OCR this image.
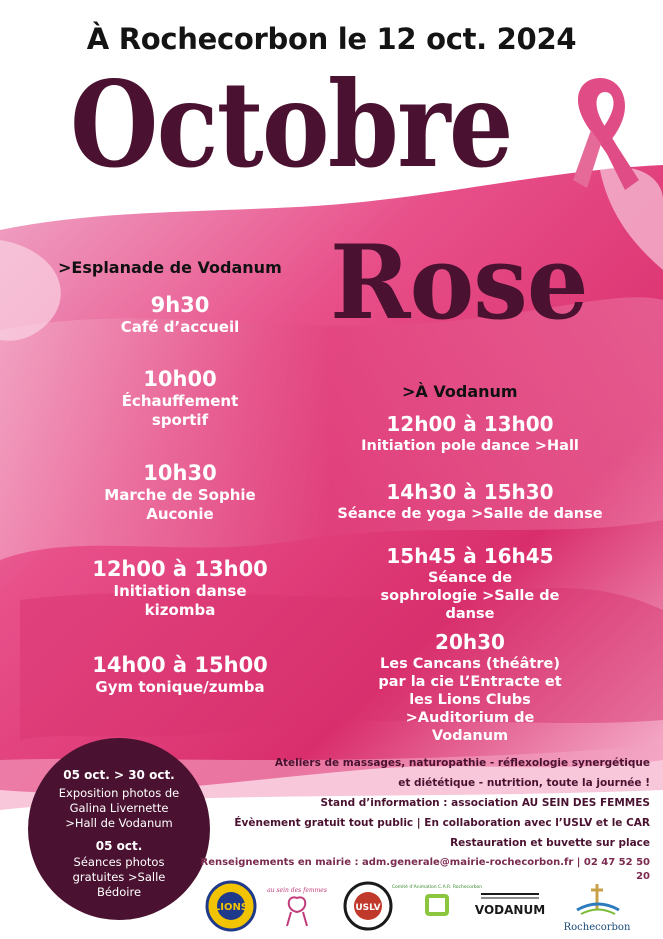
À Rochecorbon le 12 oct. 2024
Octobre
Rose
>Esplanade de Vodanum
9h30
Café d’accueil
10h00
Échauffement sportif
10h30
Marche de Sophie Auconie
12h00 à 13h00
Initiation danse kizomba
14h00 à 15h00
Gym tonique/zumba
>À Vodanum
12h00 à 13h00
Initiation pole dance >Hall
14h30 à 15h30
Séance de yoga >Salle de danse
15h45 à 16h45
Séance de sophrologie >Salle de danse
20h30
Les Cancans (théâtre) par la cie L’Entracte et les Lions Clubs >Auditorium de Vodanum
05 oct. > 30 oct.
Exposition photos de Galina Livernette >Hall de Vodanum
05 oct.
Séances photos gratuites >Salle Bédoire
Ateliers de massages, naturopathie - réflexologie synergétique
et diététique - nutrition, toute la journée !
Stand d’information : association AU SEIN DES FEMMES
Évènement gratuit tout public | En collaboration avec l’USLV et le CAR
Restauration et buvette sur place
Renseignements en mairie : adm.generale@mairie-rochecorbon.fr | 02 47 52 50 20
LIONS
au sein des femmes
USLV
Comité d’Animation C.A.R. Rochecorbon
VODANUM
Rochecorbon
